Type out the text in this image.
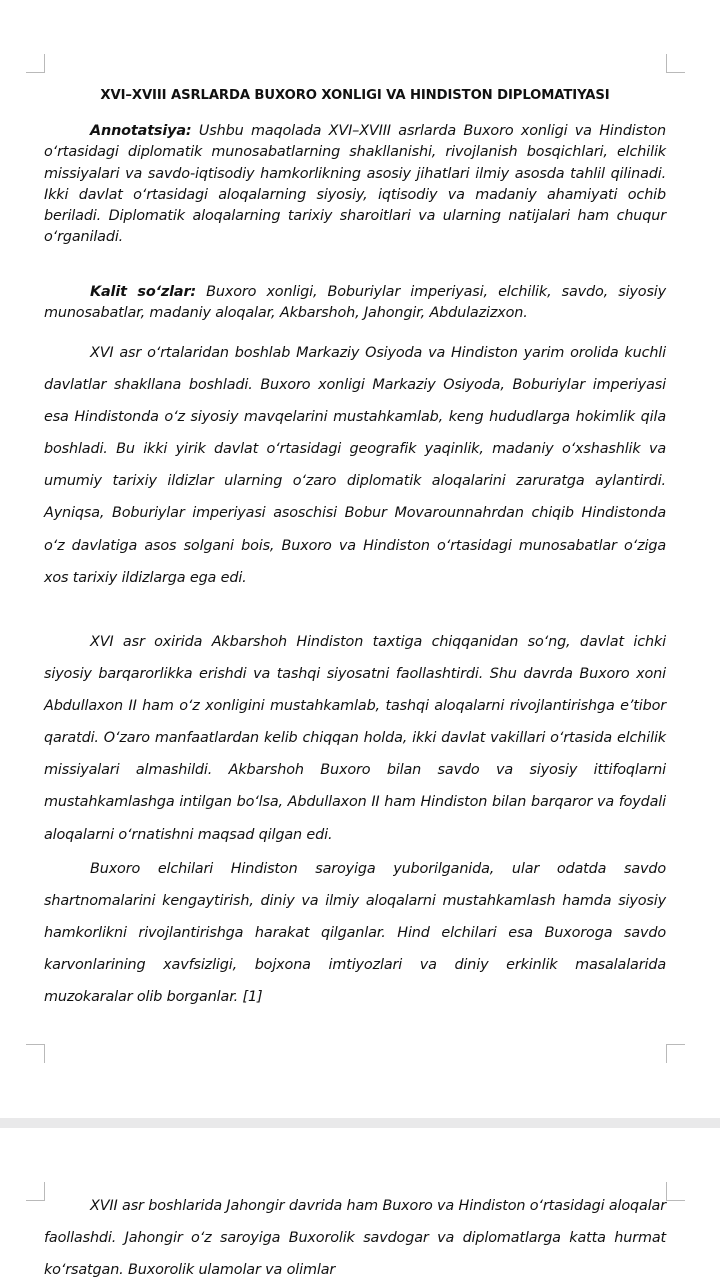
XVI–XVIII ASRLARDA BUXORO XONLIGI VA HINDISTON DIPLOMATIYASI

Annotatsiya: Ushbu maqolada XVI–XVIII asrlarda Buxoro xonligi va Hindiston o‘rtasidagi diplomatik munosabatlarning shakllanishi, rivojlanish bosqichlari, elchilik missiyalari va savdo-iqtisodiy hamkorlikning asosiy jihatlari ilmiy asosda tahlil qilinadi. Ikki davlat o‘rtasidagi aloqalarning siyosiy, iqtisodiy va madaniy ahamiyati ochib beriladi. Diplomatik aloqalarning tarixiy sharoitlari va ularning natijalari ham chuqur o‘rganiladi.

Kalit so‘zlar: Buxoro xonligi, Boburiylar imperiyasi, elchilik, savdo, siyosiy munosabatlar, madaniy aloqalar, Akbarshoh, Jahongir, Abdulazizxon.

XVI asr o‘rtalaridan boshlab Markaziy Osiyoda va Hindiston yarim orolida kuchli davlatlar shakllana boshladi. Buxoro xonligi Markaziy Osiyoda, Boburiylar imperiyasi esa Hindistonda o‘z siyosiy mavqelarini mustahkamlab, keng hududlarga hokimlik qila boshladi. Bu ikki yirik davlat o‘rtasidagi geografik yaqinlik, madaniy o‘xshashlik va umumiy tarixiy ildizlar ularning o‘zaro diplomatik aloqalarini zaruratga aylantirdi. Ayniqsa, Boburiylar imperiyasi asoschisi Bobur Movarounnahrdan chiqib Hindistonda o‘z davlatiga asos solgani bois, Buxoro va Hindiston o‘rtasidagi munosabatlar o‘ziga xos tarixiy ildizlarga ega edi.

XVI asr oxirida Akbarshoh Hindiston taxtiga chiqqanidan so‘ng, davlat ichki siyosiy barqarorlikka erishdi va tashqi siyosatni faollashtirdi. Shu davrda Buxoro xoni Abdullaxon II ham o‘z xonligini mustahkamlab, tashqi aloqalarni rivojlantirishga e’tibor qaratdi. O‘zaro manfaatlardan kelib chiqqan holda, ikki davlat vakillari o‘rtasida elchilik missiyalari almashildi. Akbarshoh Buxoro bilan savdo va siyosiy ittifoqlarni mustahkamlashga intilgan bo‘lsa, Abdullaxon II ham Hindiston bilan barqaror va foydali aloqalarni o‘rnatishni maqsad qilgan edi.

Buxoro elchilari Hindiston saroyiga yuborilganida, ular odatda savdo shartnomalarini kengaytirish, diniy va ilmiy aloqalarni mustahkamlash hamda siyosiy hamkorlikni rivojlantirishga harakat qilganlar. Hind elchilari esa Buxoroga savdo karvonlarining xavfsizligi, bojxona imtiyozlari va diniy erkinlik masalalarida muzokaralar olib borganlar. [1]

XVII asr boshlarida Jahongir davrida ham Buxoro va Hindiston o‘rtasidagi aloqalar faollashdi. Jahongir o‘z saroyiga Buxorolik savdogar va diplomatlarga katta hurmat ko‘rsatgan. Buxorolik ulamolar va olimlar
